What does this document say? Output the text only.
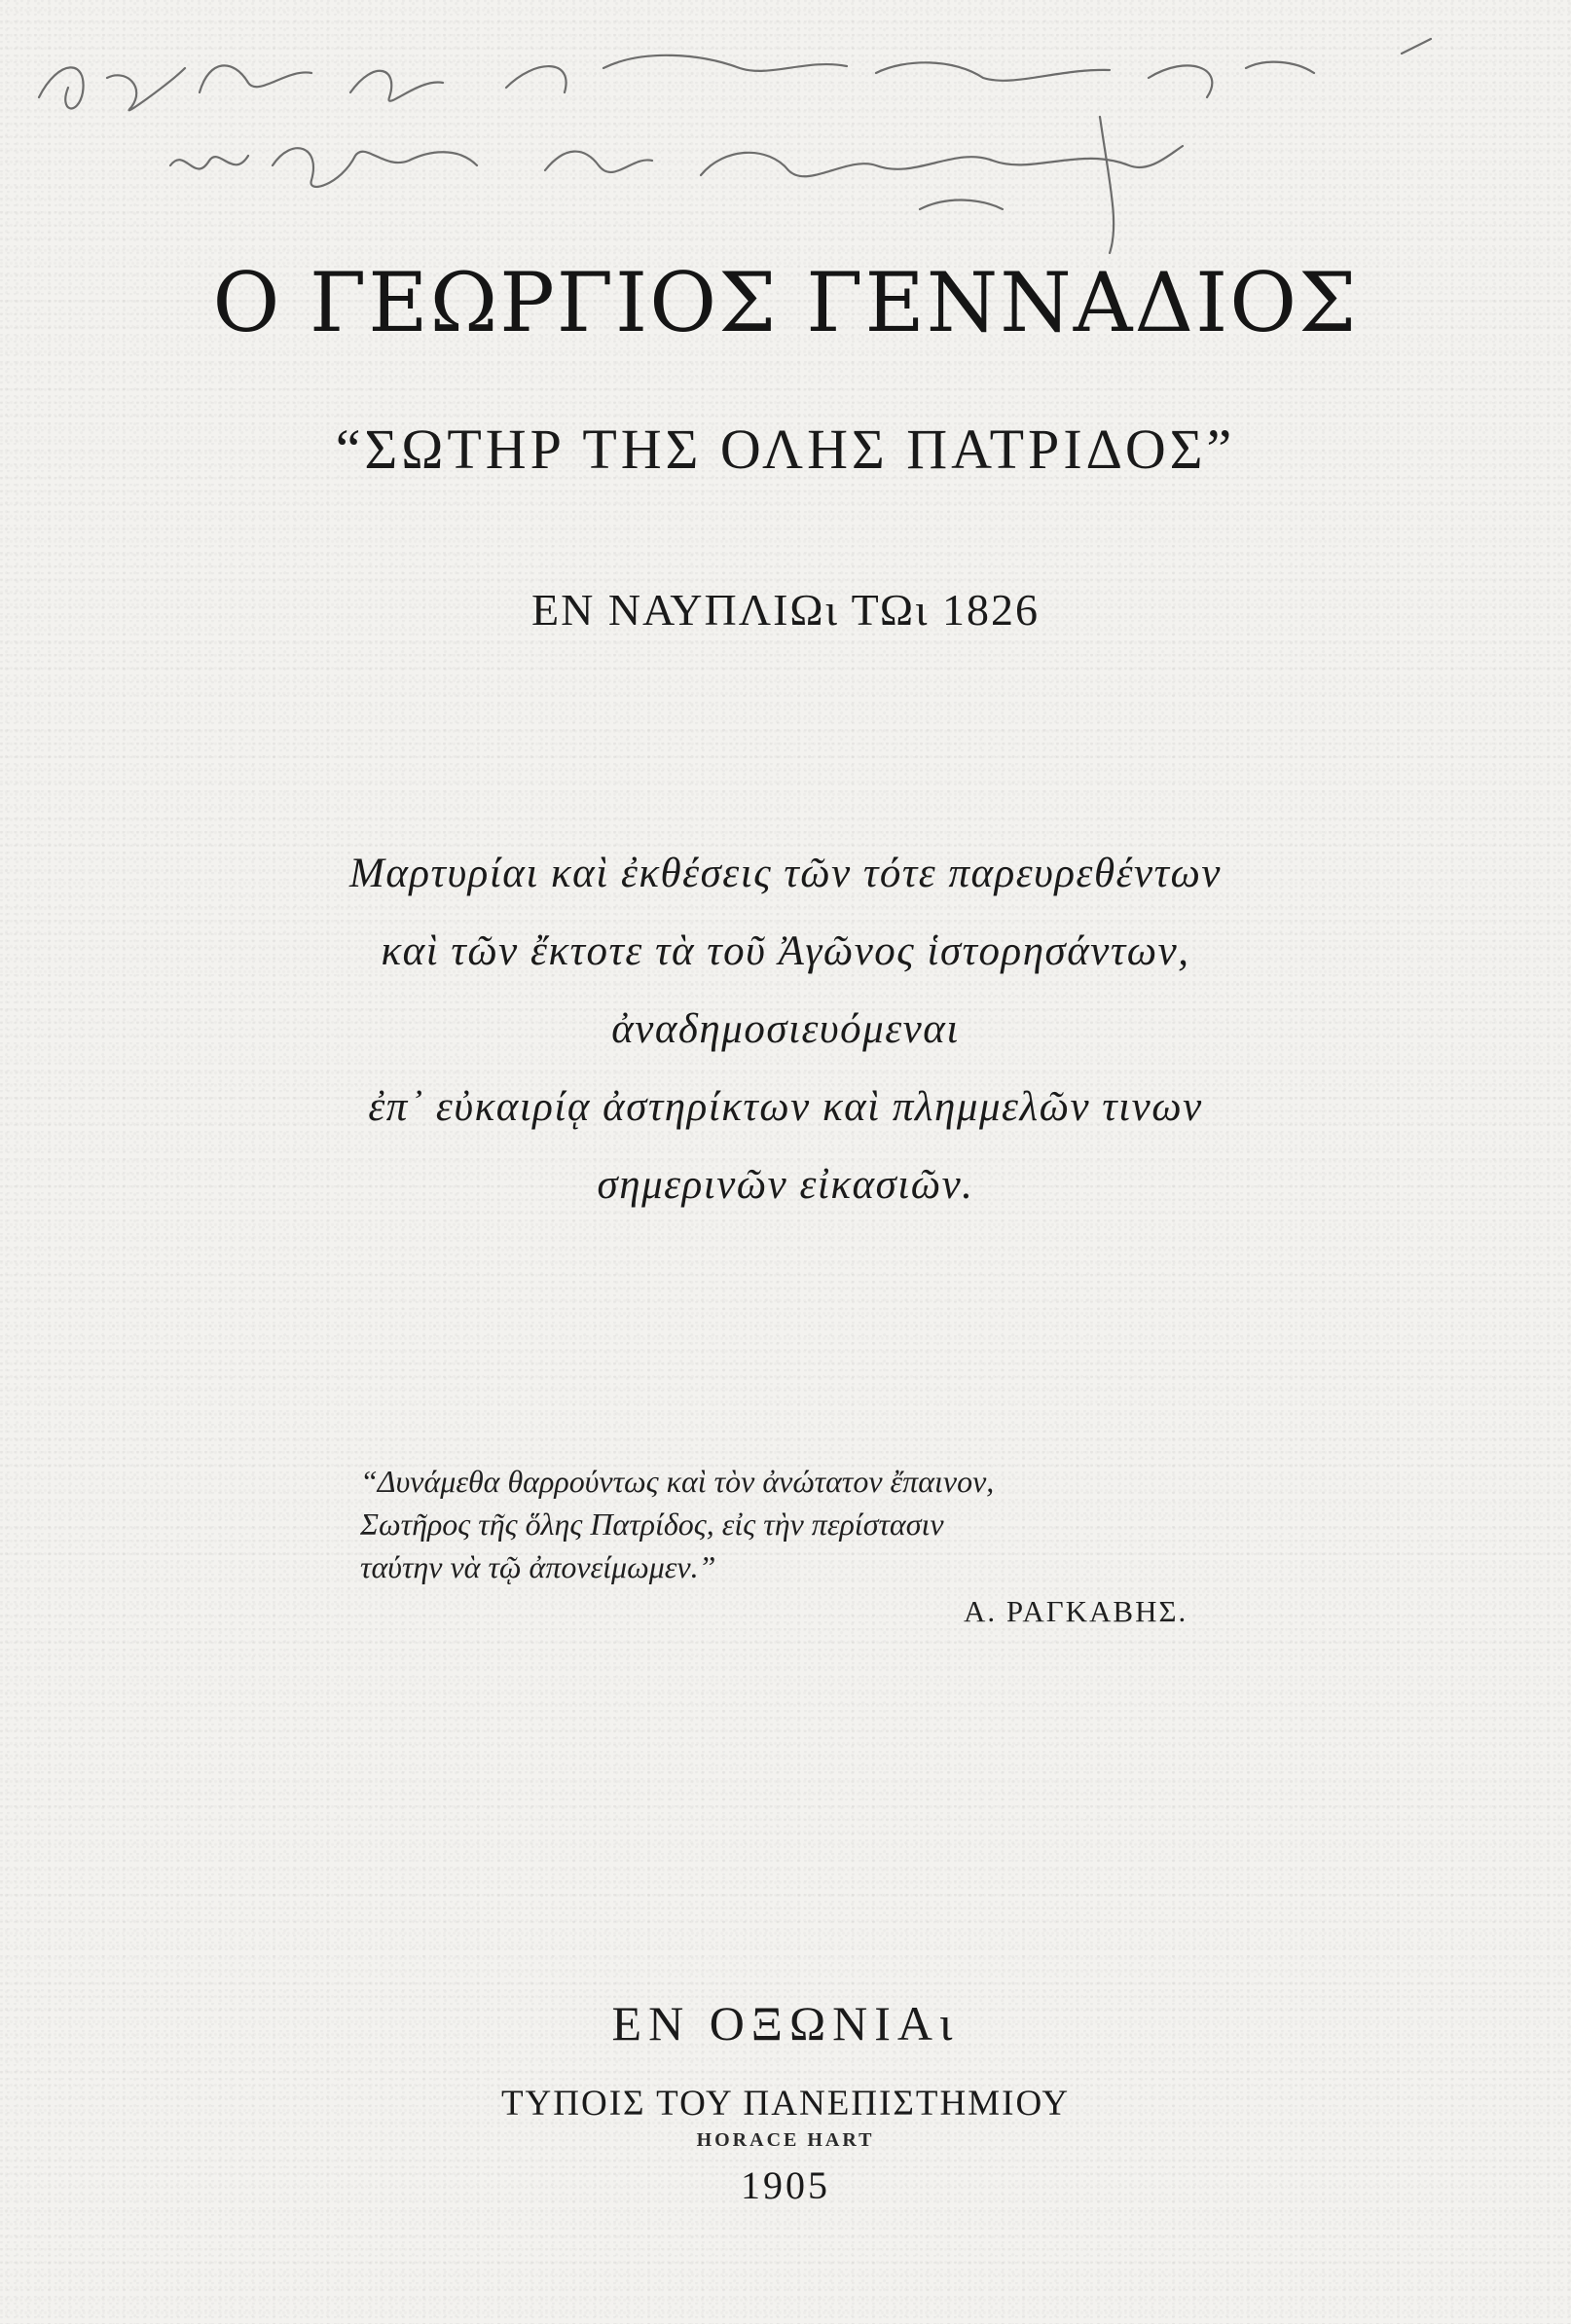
Ο ΓΕΩΡΓΙΟΣ ΓΕΝΝΑΔΙΟΣ
“ΣΩΤΗΡ ΤΗΣ ΟΛΗΣ ΠΑΤΡΙΔΟΣ”
ΕΝ ΝΑΥΠΛΙΩι ΤΩι 1826
Μαρτυρίαι καὶ ἐκθέσεις τῶν τότε παρευρεθέντων
καὶ τῶν ἔκτοτε τὰ τοῦ Ἀγῶνος ἱστορησάντων,
ἀναδημοσιευόμεναι
ἐπ᾽ εὐκαιρίᾳ ἀστηρίκτων καὶ πλημμελῶν τινων
σημερινῶν εἰκασιῶν.
“Δυνάμεθα θαρρούντως καὶ τὸν ἀνώτατον ἔπαινον,
Σωτῆρος τῆς ὅλης Πατρίδος, εἰς τὴν περίστασιν
ταύτην νὰ τῷ ἀπονείμωμεν.”
Α. ΡΑΓΚΑΒΗΣ.
ΕΝ ΟΞΩΝΙΑι
ΤΥΠΟΙΣ ΤΟΥ ΠΑΝΕΠΙΣΤΗΜΙΟΥ
HORACE HART
1905
